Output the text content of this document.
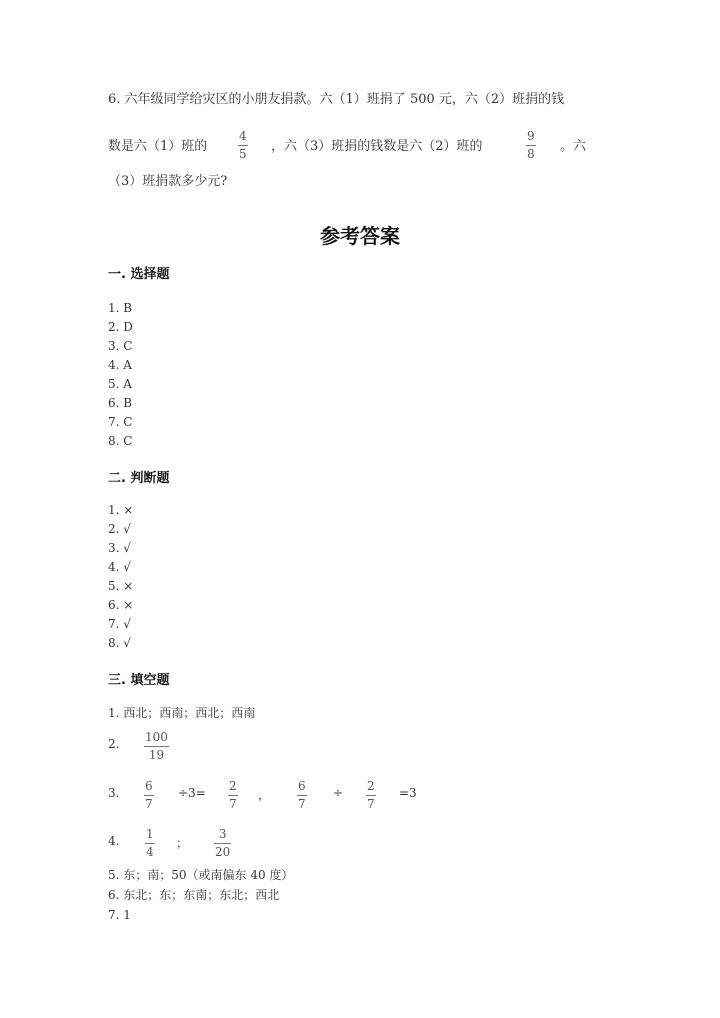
6. 六年级同学给灾区的小朋友捐款。六（1）班捐了 500 元，六（2）班捐的钱
数是六（1）班的
4
5 ，六（3）班捐的钱数是六（2）班的
9
8 。六
（3）班捐款多少元?
参考答案
一. 选择题
1. B
2. D
3. C
4. A
5. A
6. B
7. C
8. C
二. 判断题
1. ×
2. √
3. √
4. √
5. ×
6. ×
7. √
8. √
三. 填空题
1. 西北；西南；西北；西南
2. 100
19
3. 6
7
÷3= 2
7
，
6
7
÷ 2
7
=3
4. 1
4
；
3
20
5. 东；南；50（或南偏东 40 度）
6. 东北；东；东南；东北；西北
7. 1
